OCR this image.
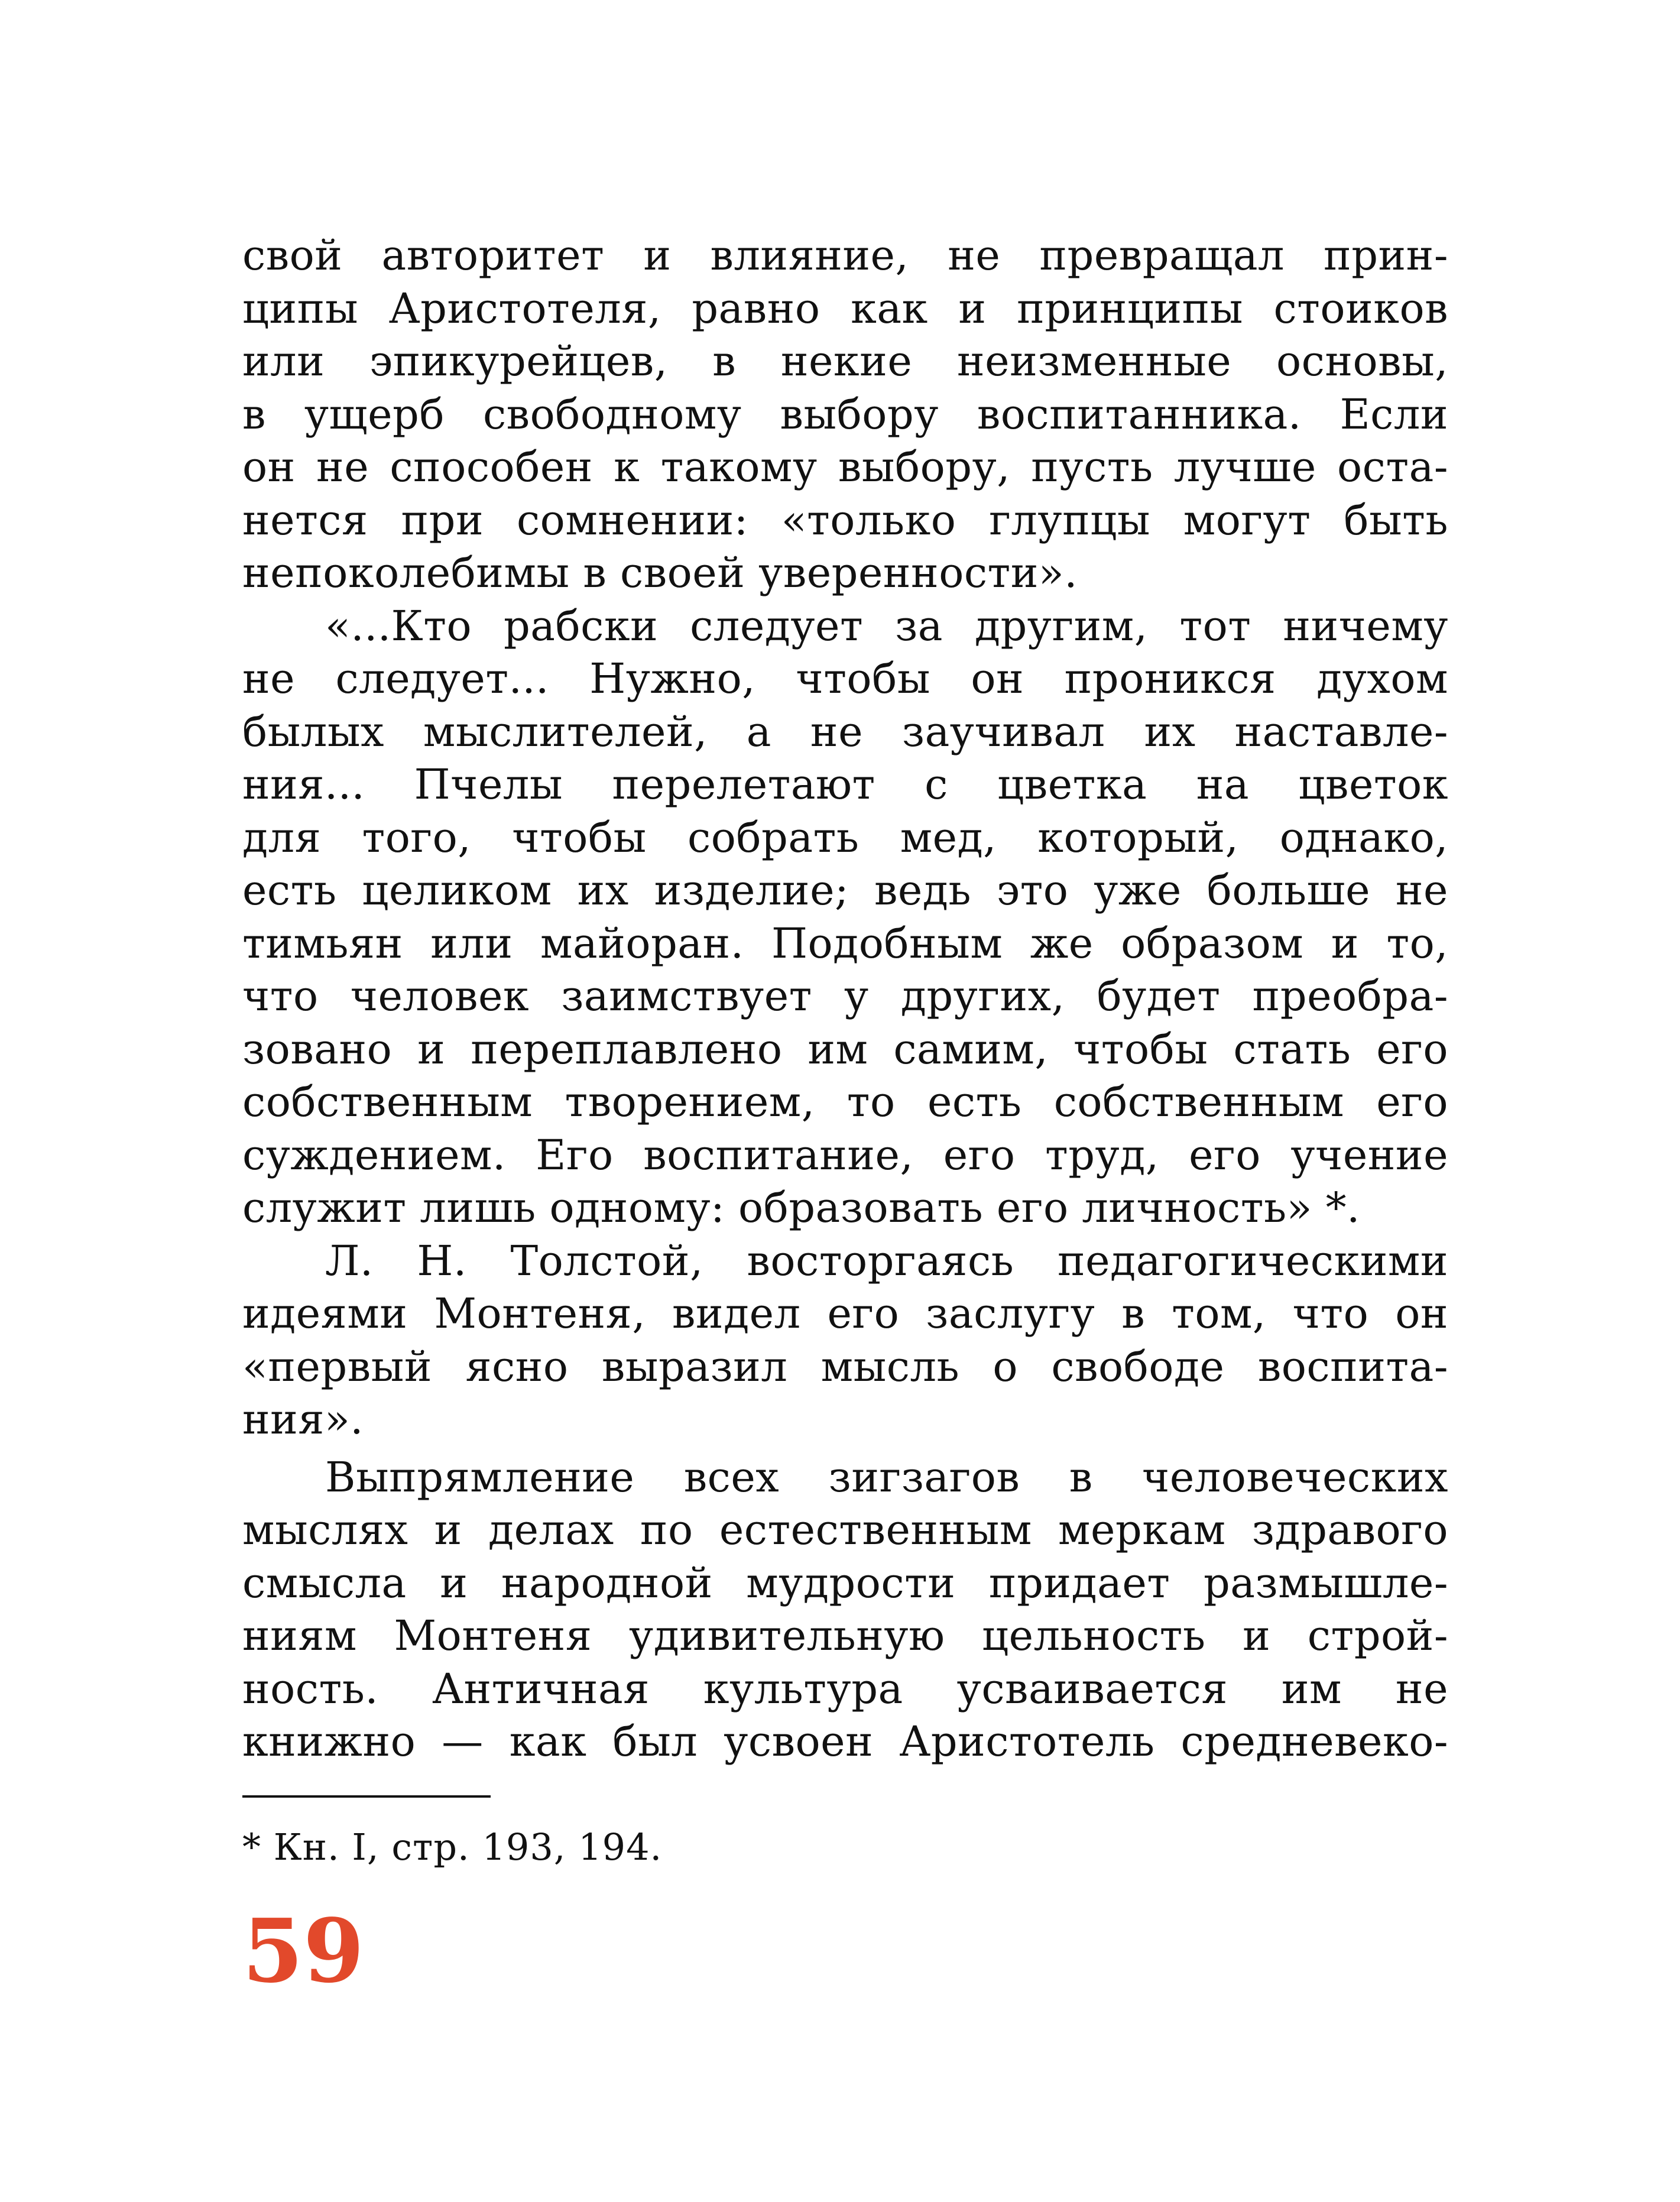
свой авторитет и влияние, не превращал прин-
ципы Аристотеля, равно как и принципы стоиков
или эпикурейцев, в некие неизменные основы,
в ущерб свободному выбору воспитанника. Если
он не способен к такому выбору, пусть лучше оста-
нется при сомнении: «только глупцы могут быть
непоколебимы в своей уверенности».
«...Кто рабски следует за другим, тот ничему
не следует... Нужно, чтобы он проникся духом
былых мыслителей, а не заучивал их наставле-
ния... Пчелы перелетают с цветка на цветок
для того, чтобы собрать мед, который, однако,
есть целиком их изделие; ведь это уже больше не
тимьян или майоран. Подобным же образом и то,
что человек заимствует у других, будет преобра-
зовано и переплавлено им самим, чтобы стать его
собственным творением, то есть собственным его
суждением. Его воспитание, его труд, его учение
служит лишь одному: образовать его личность» *.
Л. Н. Толстой, восторгаясь педагогическими
идеями Монтеня, видел его заслугу в том, что он
«первый ясно выразил мысль о свободе воспита-
ния».
Выпрямление всех зигзагов в человеческих
мыслях и делах по естественным меркам здравого
смысла и народной мудрости придает размышле-
ниям Монтеня удивительную цельность и строй-
ность. Античная культура усваивается им не
книжно — как был усвоен Аристотель средневеко-
* Кн. I, стр. 193, 194.
59
